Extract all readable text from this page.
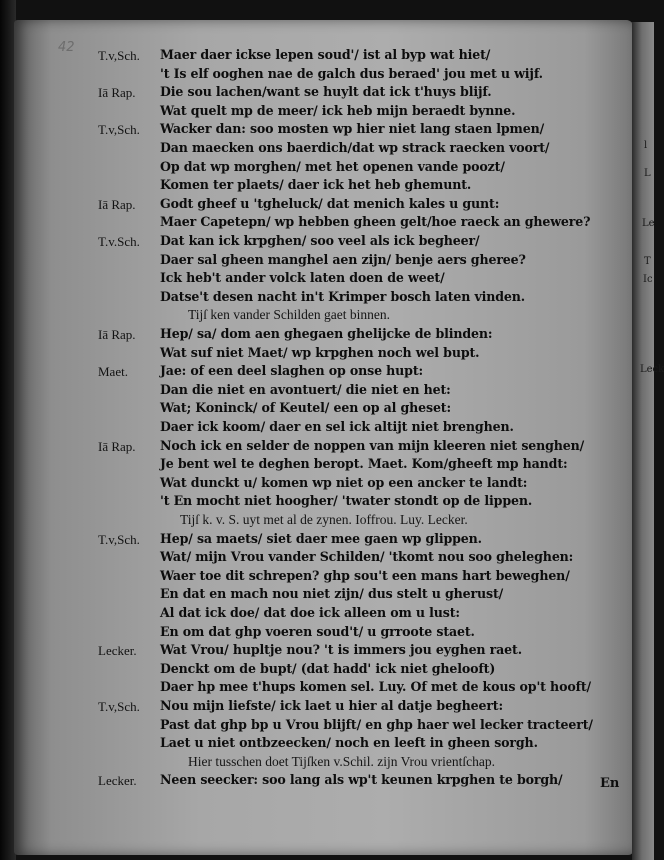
42
T.v,Sch. Maer daer ickse lepen soud'/ ist al byp wat hiet/
't Is elf ooghen nae de galch dus beraed' jou met u wijf.
Iā Rap. Die sou lachen/want se huylt dat ick t'huys blijf.
Wat quelt mp de meer/ ick heb mijn beraedt bynne.
T.v,Sch. Wacker dan: soo mosten wp hier niet lang staen lpmen/
Dan maecken ons baerdich/dat wp strack raecken voort/
Op dat wp morghen/ met het openen vande poozt/
Komen ter plaets/ daer ick het heb ghemunt.
Iā Rap. Godt gheef u 'tgheluck/ dat menich kales u gunt:
Maer Capetepn/ wp hebben gheen gelt/hoe raeck an ghewere?
T.v.Sch. Dat kan ick krpghen/ soo veel als ick begheer/
Daer sal gheen manghel aen zijn/ benje aers gheree?
Ick heb't ander volck laten doen de weet/
Datse't desen nacht in't Krimper bosch laten vinden.
Tijſ ken vander Schilden gaet binnen.
Iā Rap. Hep/ sa/ dom aen ghegaen ghelijcke de blinden:
Wat suf niet Maet/ wp krpghen noch wel bupt.
Maet.	Jae: of een deel slaghen op onse hupt:
Dan die niet en avontuert/ die niet en het:
Wat; Koninck/ of Keutel/ een op al gheset:
Daer ick koom/ daer en sel ick altijt niet brenghen.
Iā Rap. Noch ick en selder de noppen van mijn kleeren niet senghen/
Je bent wel te deghen beropt. Maet. Kom/gheeft mp handt:
Wat dunckt u/ komen wp niet op een ancker te landt:
't En mocht niet hoogher/ 'twater stondt op de lippen.
Tijſ k. v. S. uyt met al de zynen. Ioffrou. Luy. Lecker.
T.v,Sch. Hep/ sa maets/ siet daer mee gaen wp glippen.
Wat/ mijn Vrou vander Schilden/ 'tkomt nou soo gheleghen:
Waer toe dit schrepen? ghp sou't een mans hart beweghen/
En dat en mach nou niet zijn/ dus stelt u gherust/
Al dat ick doe/ dat doe ick alleen om u lust:
En om dat ghp voeren soud't/ u grroote staet.
Lecker. Wat Vrou/ hupltje nou? 't is immers jou eyghen raet.
Denckt om de bupt/ (dat hadd' ick niet ghelooft)
Daer hp mee t'hups komen sel. Luy. Of met de kous op't hooft/
T.v,Sch. Nou mijn liefste/ ick laet u hier al datje begheert:
Past dat ghp bp u Vrou blijft/ en ghp haer wel lecker tracteert/
Laet u niet ontbzeecken/ noch en leeft in gheen sorgh.
Hier tusschen doet Tijſken v.Schil. zijn Vrou vrientſchap.
Lecker. Neen seecker: soo lang als wp't keunen krpghen te borgh/	En
l
L
Le
T
Ic
Leck
